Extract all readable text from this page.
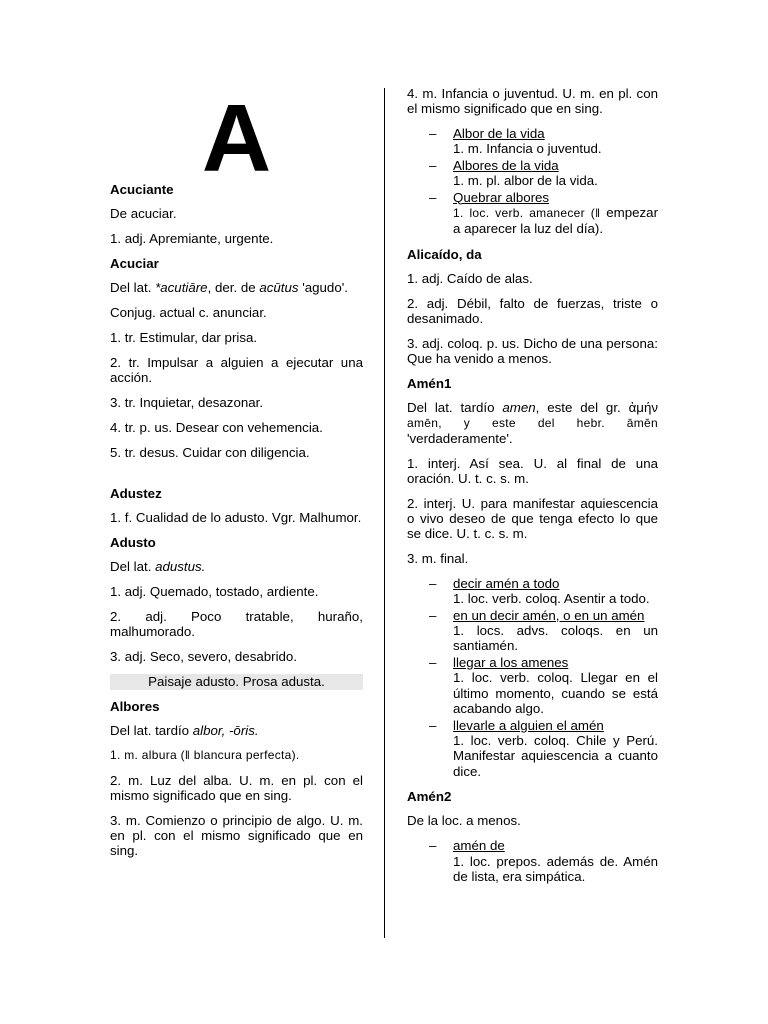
A
Acuciante
De acuciar.
1. adj. Apremiante, urgente.
Acuciar
Del lat. *acutiāre, der. de acūtus 'agudo'.
Conjug. actual c. anunciar.
1. tr. Estimular, dar prisa.
2. tr. Impulsar a alguien a ejecutar una acción.
3. tr. Inquietar, desazonar.
4. tr. p. us. Desear con vehemencia.
5. tr. desus. Cuidar con diligencia.
Adustez
1. f. Cualidad de lo adusto. Vgr. Malhumor.
Adusto
Del lat. adustus.
1. adj. Quemado, tostado, ardiente.
2. adj. Poco tratable, huraño, malhumorado.
3. adj. Seco, severo, desabrido.
Paisaje adusto. Prosa adusta.
Albores
Del lat. tardío albor, -ōris.
1. m. albura (‖ blancura perfecta).
2. m. Luz del alba. U. m. en pl. con el mismo significado que en sing.
3. m. Comienzo o principio de algo. U. m. en pl. con el mismo significado que en sing.
4. m. Infancia o juventud. U. m. en pl. con el mismo significado que en sing.
– Albor de la vida
1. m. Infancia o juventud.
– Albores de la vida
1. m. pl. albor de la vida.
– Quebrar albores
1. loc. verb. amanecer (‖ empezar a aparecer la luz del día).
Alicaído, da
1. adj. Caído de alas.
2. adj. Débil, falto de fuerzas, triste o desanimado.
3. adj. coloq. p. us. Dicho de una persona: Que ha venido a menos.
Amén1
Del lat. tardío amen, este del gr. ἀμήν amēn, y este del hebr. āmēn 'verdaderamente'.
1. interj. Así sea. U. al final de una oración. U. t. c. s. m.
2. interj. U. para manifestar aquiescencia o vivo deseo de que tenga efecto lo que se dice. U. t. c. s. m.
3. m. final.
– decir amén a todo
1. loc. verb. coloq. Asentir a todo.
– en un decir amén, o en un amén
1. locs. advs. coloqs. en un santiamén.
– llegar a los amenes
1. loc. verb. coloq. Llegar en el último momento, cuando se está acabando algo.
– llevarle a alguien el amén
1. loc. verb. coloq. Chile y Perú. Manifestar aquiescencia a cuanto dice.
Amén2
De la loc. a menos.
– amén de
1. loc. prepos. además de. Amén de lista, era simpática.
